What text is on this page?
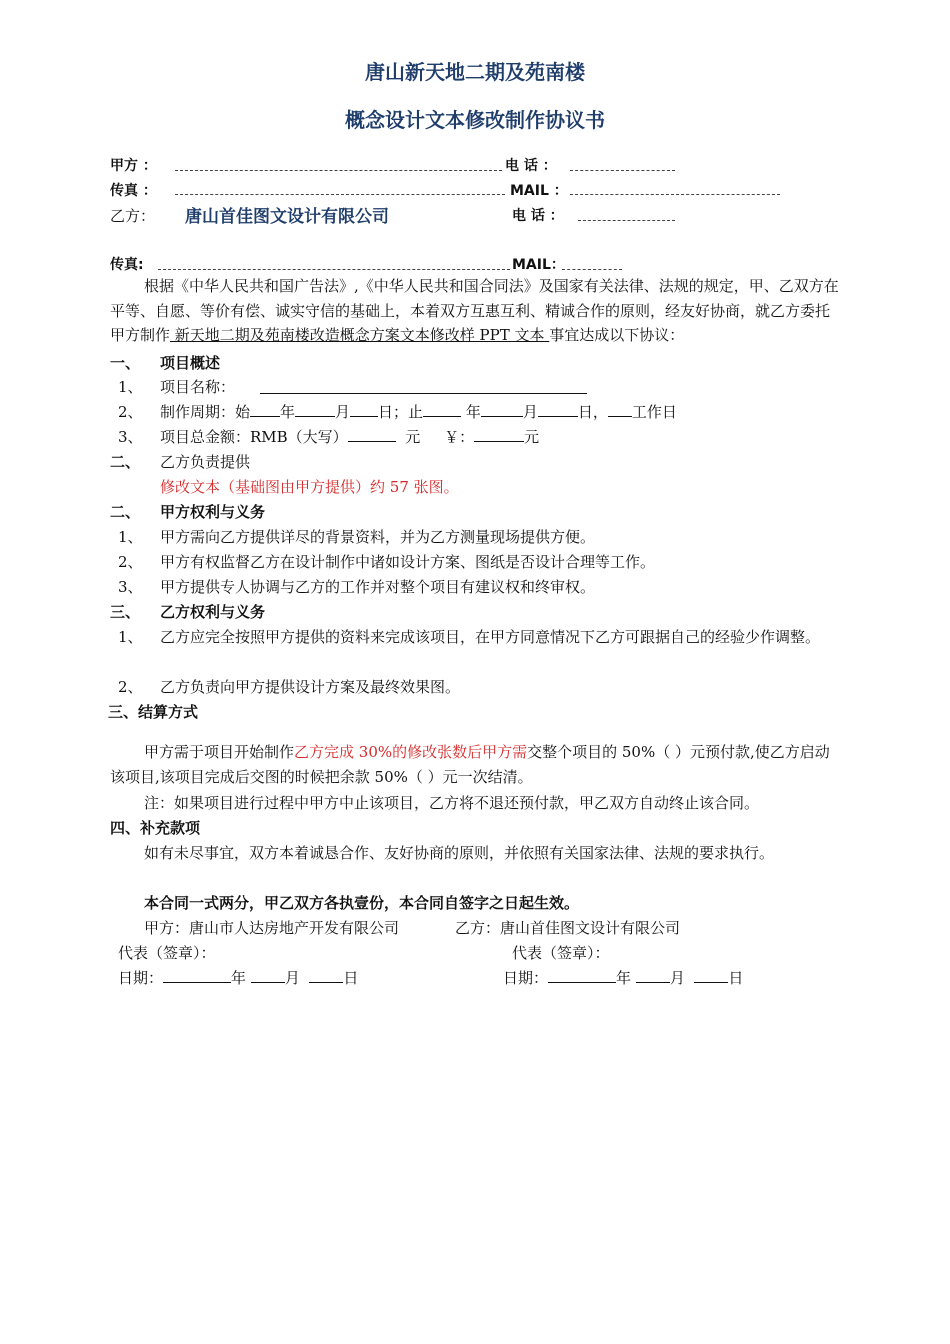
唐山新天地二期及苑南楼
概念设计文本修改制作协议书
甲方 ：	电 话 ：
传真 ：	MAIL ：
乙方： 唐山首佳图文设计有限公司	电 话 ：
传真:	MAIL：
根据《中华人民共和国广告法》,《中华人民共和国合同法》及国家有关法律、法规的规定，甲、乙双方在平等、自愿、等价有偿、诚实守信的基础上，本着双方互惠互利、精诚合作的原则，经友好协商，就乙方委托甲方制作 新天地二期及苑南楼改造概念方案文本修改样 PPT 文本 事宜达成以下协议：
一、 项目概述
1、 项目名称：
2、 制作周期：始 年	月 日；止	年	月	日， 工作日
3、 项目总金额：RMB（大写）	元 ￥：	元
二、 乙方负责提供
修改文本（基础图由甲方提供）约 57 张图。
二、 甲方权利与义务
1、 甲方需向乙方提供详尽的背景资料，并为乙方测量现场提供方便。
2、 甲方有权监督乙方在设计制作中诸如设计方案、图纸是否设计合理等工作。
3、 甲方提供专人协调与乙方的工作并对整个项目有建议权和终审权。
三、 乙方权利与义务
1、 乙方应完全按照甲方提供的资料来完成该项目，在甲方同意情况下乙方可跟据自己的经验少作调整。
2、 乙方负责向甲方提供设计方案及最终效果图。
三、结算方式
甲方需于项目开始制作乙方完成 30%的修改张数后甲方需交整个项目的 50%（ ）元预付款,使乙方启动该项目,该项目完成后交图的时候把余款 50%（ ）元一次结清。
注：如果项目进行过程中甲方中止该项目，乙方将不退还预付款，甲乙双方自动终止该合同。
四、补充款项
如有未尽事宜，双方本着诚恳合作、友好协商的原则，并依照有关国家法律、法规的要求执行。
本合同一式两分，甲乙双方各执壹份，本合同自签字之日起生效。
甲方：唐山市人达房地产开发有限公司	乙方：唐山首佳图文设计有限公司
代表（签章）：	代表（签章）：
日期：	年	月	日	日期：	年	月	日
